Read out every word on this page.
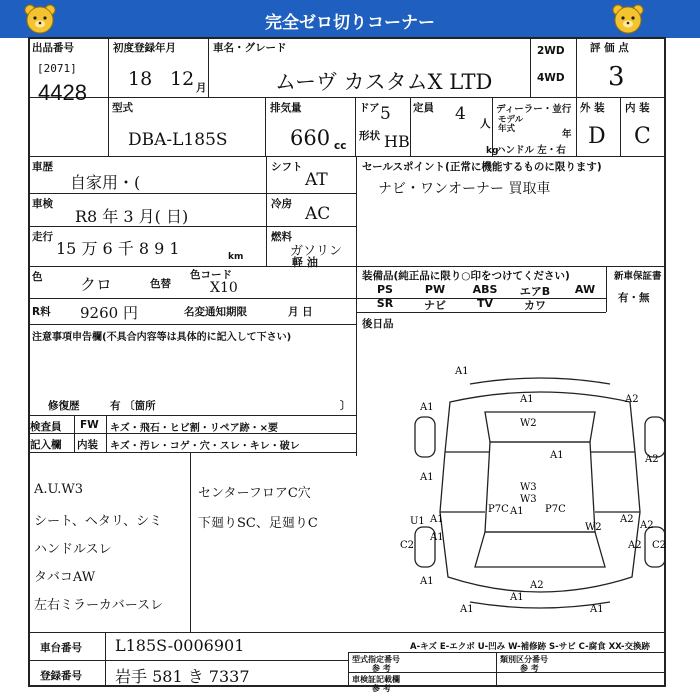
完全ゼロ切りコーナー
出品番号
[2071]
4428
初度登録年月
18 12 月
車名・グレード
ムーヴ カスタムX LTD
2WD
4WD
評 価 点
3
型式
DBA-L185S
排気量
660 cc
ドア 5 定員 4 人
形状 HB	kg
ディーラー・並行
モデル年式	年
ハンドル 左・右
外 装 内 装
D C
車歴
自家用・(
シフト
AT
車検
R8 年 3 月( 日)
冷房 AC
走行
15 万 6 千 8 9 1	km
燃料
ガソリン
軽 油
色 クロ	色替
色コード
X10
R料 9260 円	名変通知期限	月 日
セールスポイント(正常に機能するものに限ります)
ナビ・ワンオーナー 買取車
装備品(純正品に限り○印をつけてください)
PS	PW	ABS	エアB	AW
SR	ナビ	TV	カワ
新車保証書
有・無
後日品
注意事項申告欄(不具合内容等は具体的に記入して下さい)
修復歴	有 〔箇所	〕
検査員
記入欄
FW キズ・飛石・ヒビ割・リペア跡・×要
内装 キズ・汚レ・コゲ・穴・スレ・キレ・破レ
A.U.W3
シート、ヘタリ、シミ
ハンドルスレ
タバコAW
左右ミラーカバースレ
センターフロアC穴
下廻りSC、足廻りC
車台番号 L185S-0006901
登録番号 岩手 581 き 7337
A-キズ E-エクボ U-凹み W-補修跡 S-サビ C-腐食 XX-交換跡
型式指定番号
参 考
車検証記載欄
参 考
類別区分番号
参 考
A1
A1
A1
W2
A2
A2
A1
W3
A1
A1
A2
C2	A2
A1	A2
A1	A1
A1
W2	A2
C2
U1
A1
W3
A1
P7C	P7C
